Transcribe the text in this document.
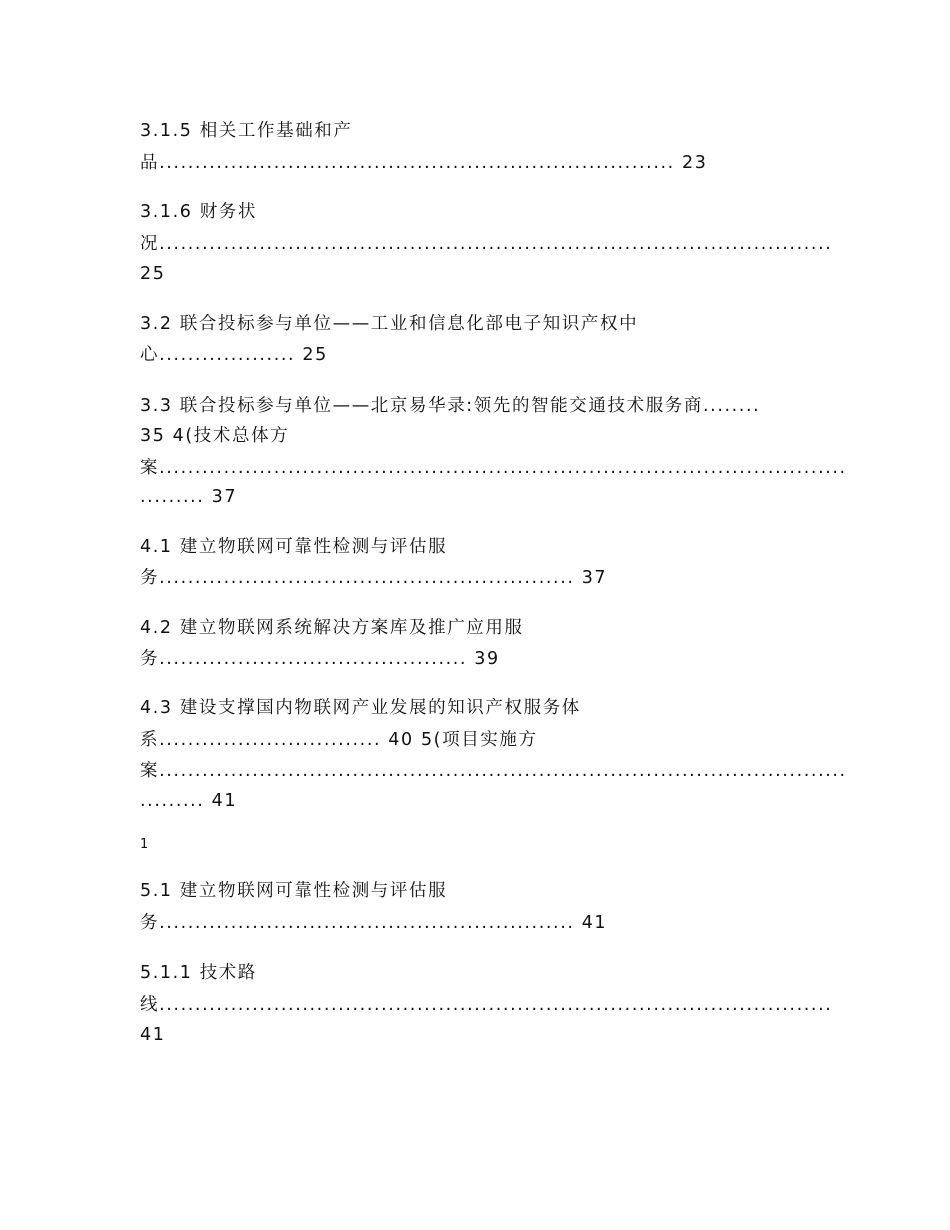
3.1.5 相关工作基础和产
品........................................................................ 23
3.1.6 财务状
况..............................................................................................
25
3.2 联合投标参与单位——工业和信息化部电子知识产权中
心................... 25
3.3 联合投标参与单位——北京易华录:领先的智能交通技术服务商........
35 4(技术总体方
案................................................................................................
......... 37
4.1 建立物联网可靠性检测与评估服
务.......................................................... 37
4.2 建立物联网系统解决方案库及推广应用服
务........................................... 39
4.3 建设支撑国内物联网产业发展的知识产权服务体
系............................... 40 5(项目实施方
案................................................................................................
......... 41
1
5.1 建立物联网可靠性检测与评估服
务.......................................................... 41
5.1.1 技术路
线..............................................................................................
41
